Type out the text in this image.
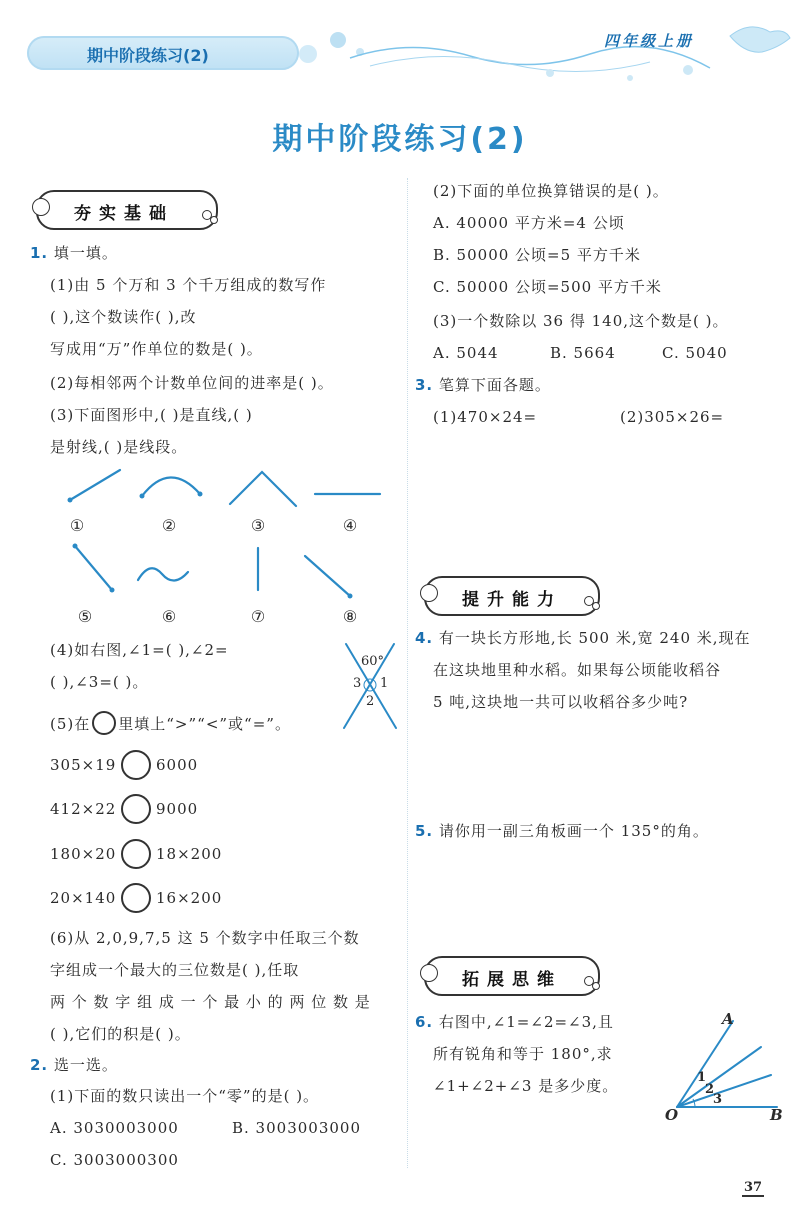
期中阶段练习(2)
四年级上册
期中阶段练习(2)
夯实基础
1. 填一填。
(1)由 5 个万和 3 个千万组成的数写作
( ),这个数读作( ),改
写成用“万”作单位的数是( )。
(2)每相邻两个计数单位间的进率是( )。
(3)下面图形中,( )是直线,( )
是射线,( )是线段。
①	②	③	④
⑤	⑥	⑦	⑧
(4)如右图,∠1=( ),∠2=
( ),∠3=( )。
60°
1
2
3
(5)在 里填上“>”“<”或“=”。
305×19	6000
412×22	9000
180×20	18×200
20×140	16×200
(6)从 2,0,9,7,5 这 5 个数字中任取三个数
字组成一个最大的三位数是( ),任取
两 个 数 字 组 成 一 个 最 小 的 两 位 数 是
( ),它们的积是( )。
2. 选一选。
(1)下面的数只读出一个“零”的是( )。
A. 3030003000	B. 3003003000
C. 3003000300
(2)下面的单位换算错误的是( )。
A. 40000 平方米=4 公顷
B. 50000 公顷=5 平方千米
C. 50000 公顷=500 平方千米
(3)一个数除以 36 得 140,这个数是( )。
A. 5044	B. 5664	C. 5040
3. 笔算下面各题。
(1)470×24=	(2)305×26=
提升能力
4. 有一块长方形地,长 500 米,宽 240 米,现在
在这块地里种水稻。如果每公顷能收稻谷
5 吨,这块地一共可以收稻谷多少吨?
5. 请你用一副三角板画一个 135°的角。
拓展思维
6. 右图中,∠1=∠2=∠3,且
所有锐角和等于 180°,求
∠1+∠2+∠3 是多少度。
A
O	B
1
2
3
37
